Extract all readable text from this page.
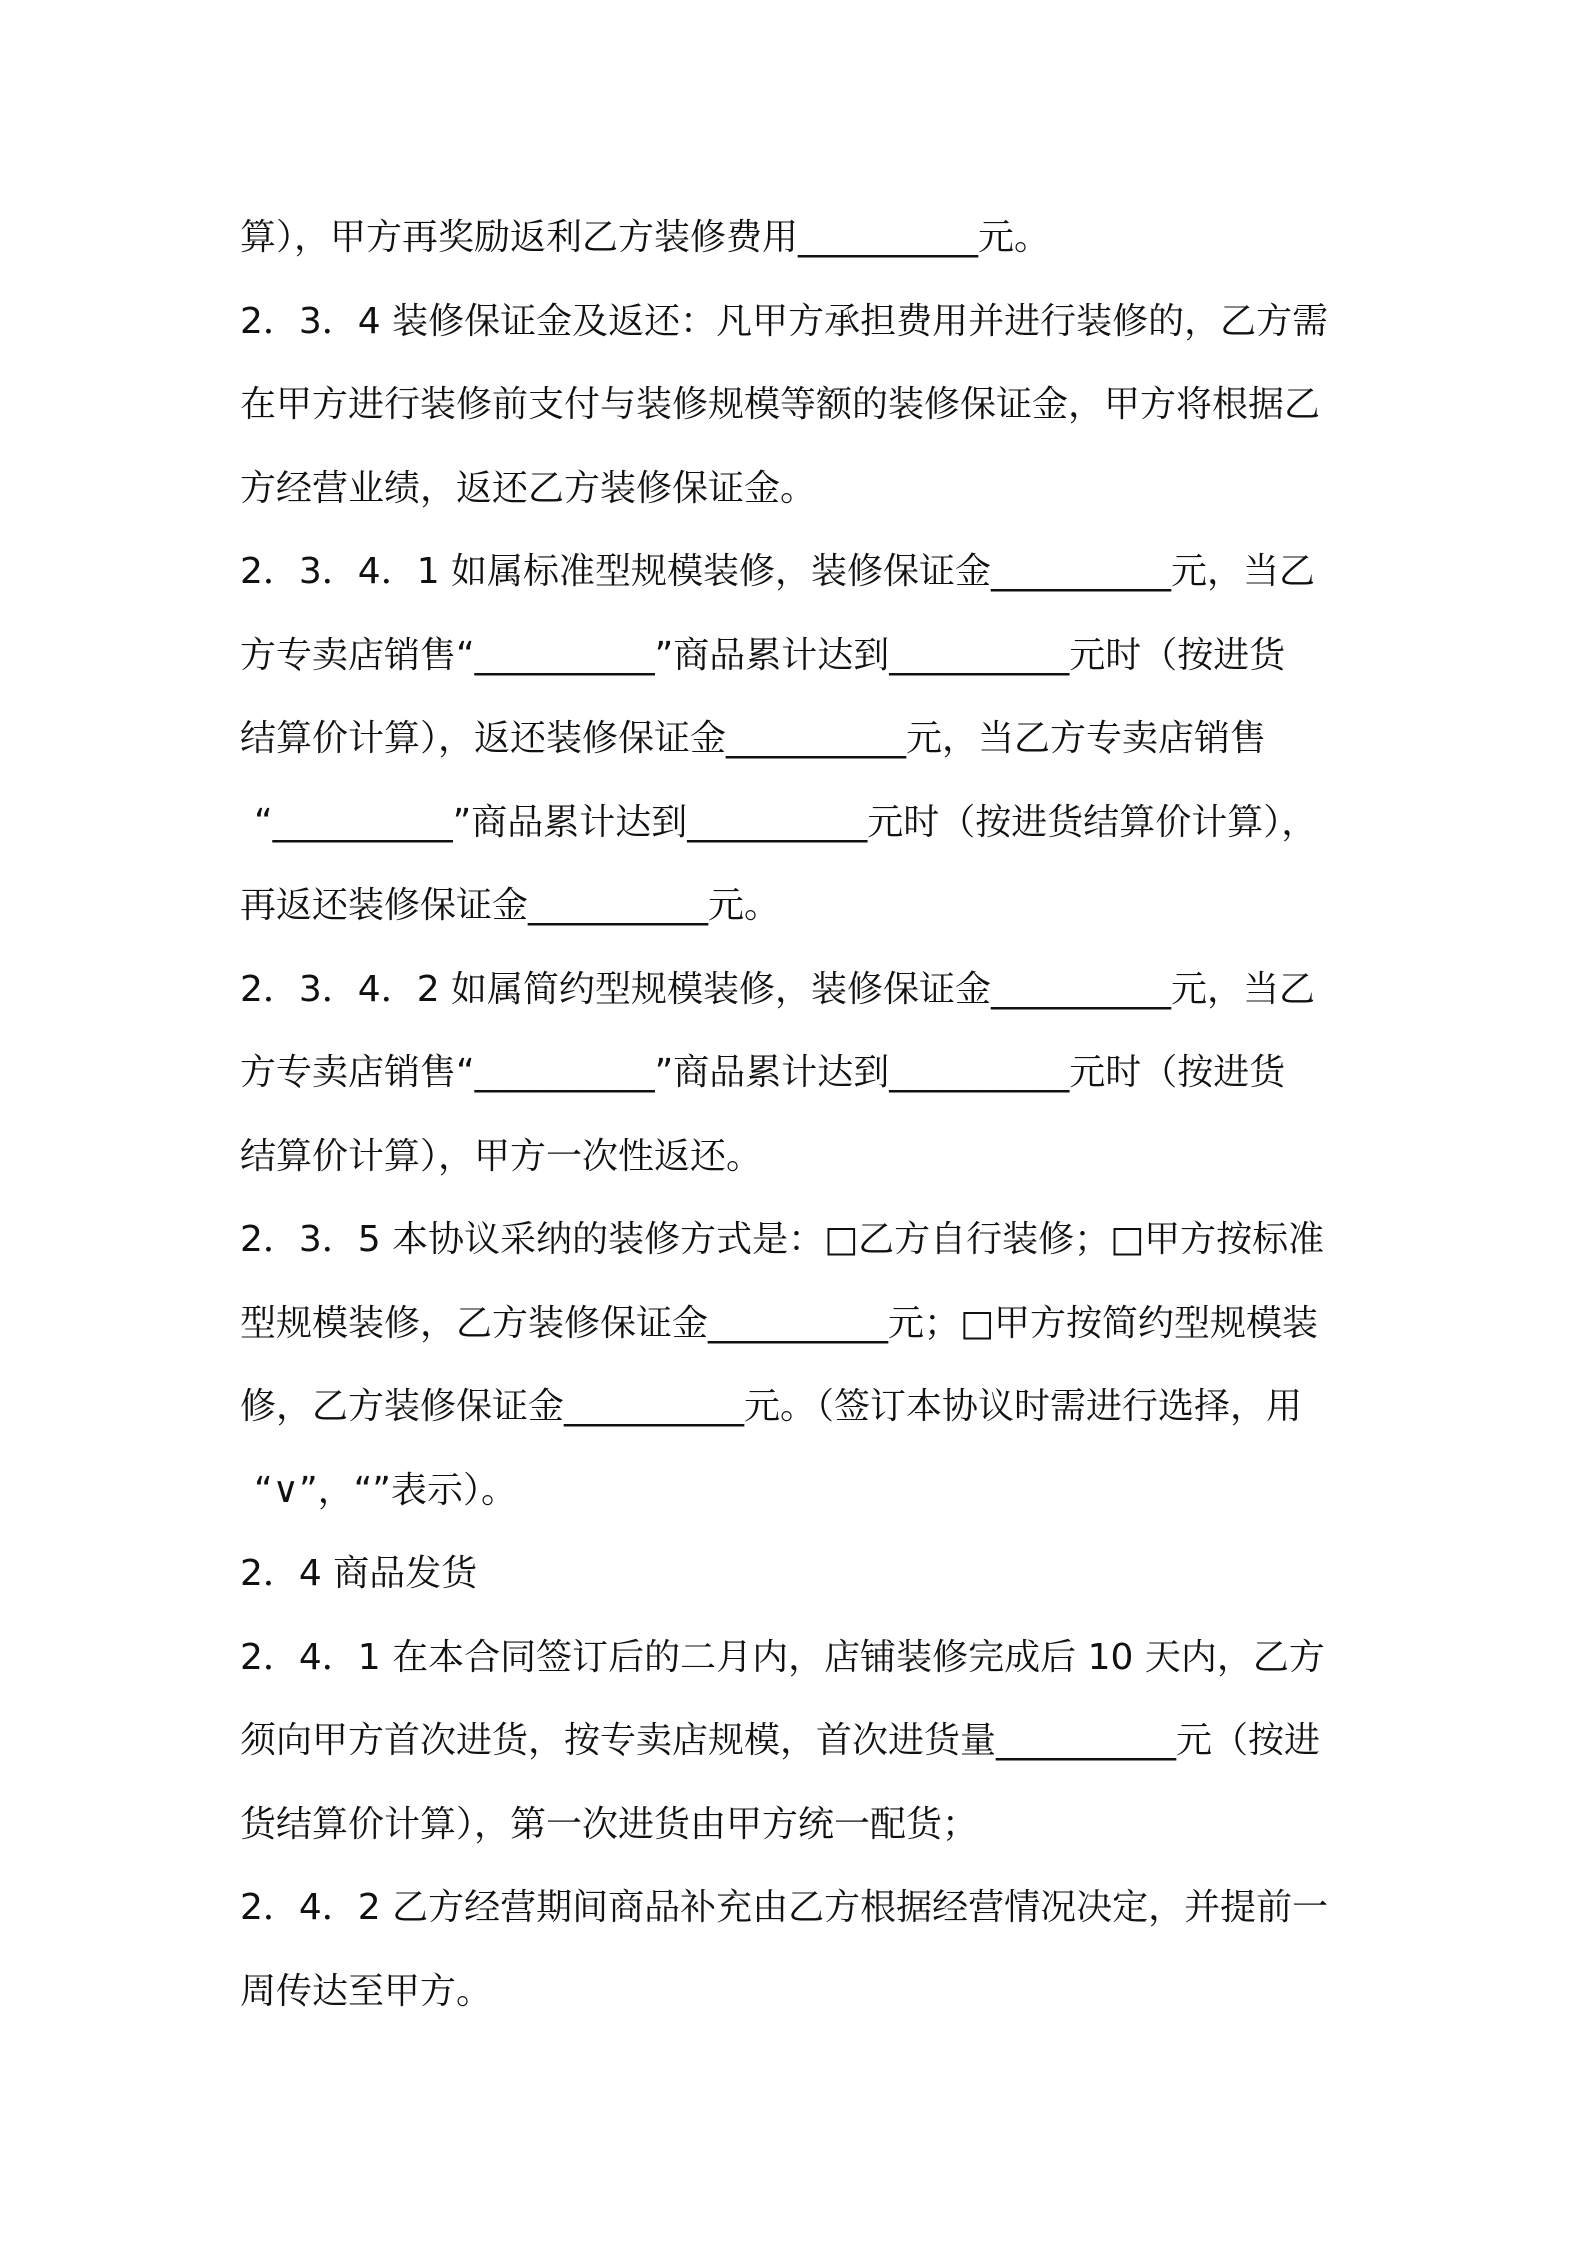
算），甲方再奖励返利乙方装修费用__________元。
2．3．4 装修保证金及返还：凡甲方承担费用并进行装修的，乙方需
在甲方进行装修前支付与装修规模等额的装修保证金，甲方将根据乙
方经营业绩，返还乙方装修保证金。
2．3．4．1 如属标准型规模装修，装修保证金__________元，当乙
方专卖店销售“__________”商品累计达到__________元时（按进货
结算价计算），返还装修保证金__________元，当乙方专卖店销售
“__________”商品累计达到__________元时（按进货结算价计算），
再返还装修保证金__________元。
2．3．4．2 如属简约型规模装修，装修保证金__________元，当乙
方专卖店销售“__________”商品累计达到__________元时（按进货
结算价计算），甲方一次性返还。
2．3．5 本协议采纳的装修方式是：□乙方自行装修；□甲方按标准
型规模装修，乙方装修保证金__________元；□甲方按简约型规模装
修，乙方装修保证金__________元。（签订本协议时需进行选择，用
“∨”，“”表示）。
2．4 商品发货
2．4．1 在本合同签订后的二月内，店铺装修完成后 10 天内，乙方
须向甲方首次进货，按专卖店规模，首次进货量__________元（按进
货结算价计算），第一次进货由甲方统一配货；
2．4．2 乙方经营期间商品补充由乙方根据经营情况决定，并提前一
周传达至甲方。
